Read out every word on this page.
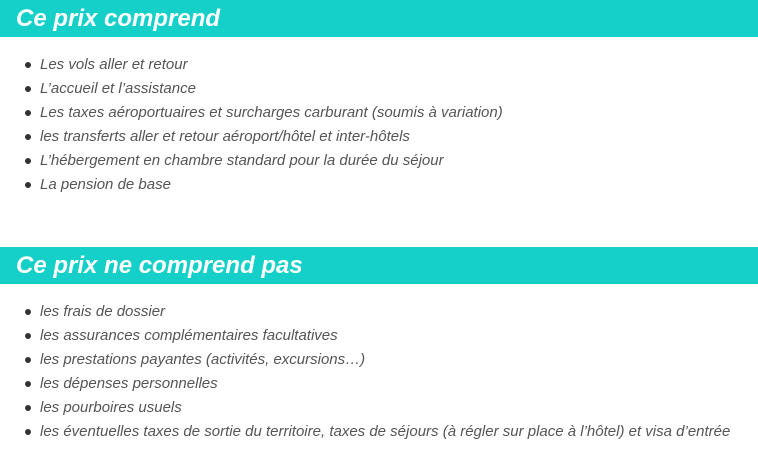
Ce prix comprend
Les vols aller et retour
L’accueil et l’assistance
Les taxes aéroportuaires et surcharges carburant (soumis à variation)
les transferts aller et retour aéroport/hôtel et inter-hôtels
L’hébergement en chambre standard pour la durée du séjour
La pension de base
Ce prix ne comprend pas
les frais de dossier
les assurances complémentaires facultatives
les prestations payantes (activités, excursions…)
les dépenses personnelles
les pourboires usuels
les éventuelles taxes de sortie du territoire, taxes de séjours (à régler sur place à l’hôtel) et visa d’entrée
